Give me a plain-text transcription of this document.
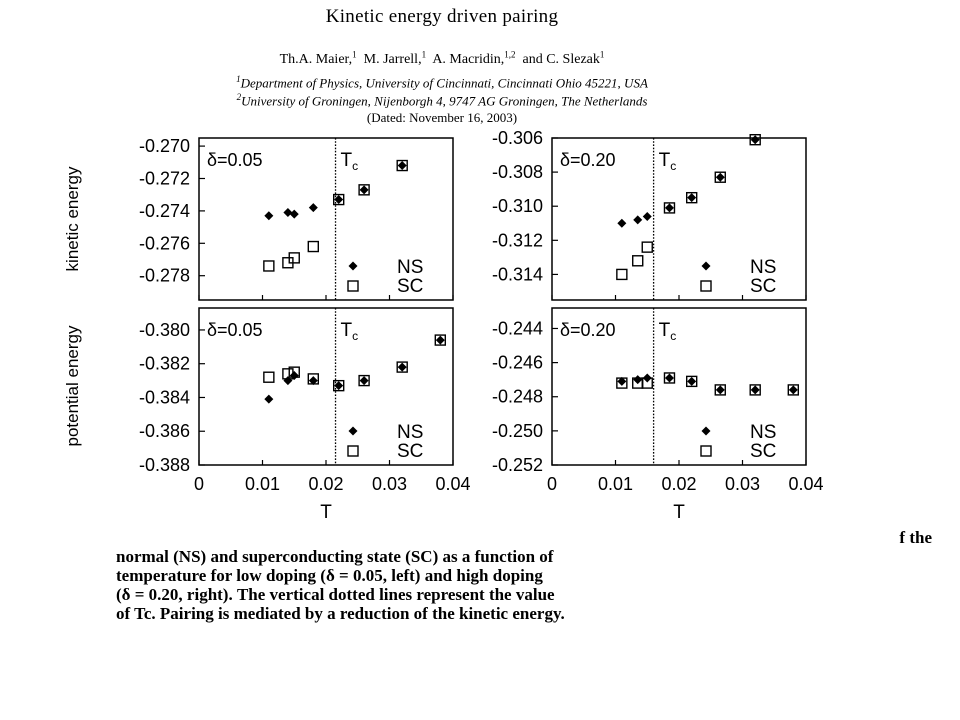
Kinetic energy driven pairing
Th.A. Maier,$^1$ M. Jarrell,$^1$ A. Macridin,$^{1,2}$ and C. Slezak$^1$
$^1$Department of Physics, University of Cincinnati, Cincinnati Ohio 45221, USA
$^2$University of Groningen, Nijenborgh 4, 9747 AG Groningen, The Netherlands
(Dated: November 16, 2003)
-0.270
-0.272
-0.274
-0.276
-0.278
δ=0.05	$T_c$
NS
SC
-0.306
-0.308
-0.310
-0.312
-0.314
δ=0.20 $T_c$
NS
SC
-0.380
-0.382
-0.384
-0.386
-0.388
0 0.01 0.02 0.03 0.04
T
δ=0.05	$T_c$
NS
SC
-0.244
-0.246
-0.248
-0.250
-0.252
0 0.01 0.02 0.03 0.04
T
δ=0.20 $T_c$
NS
SC
kinetic energy
potential energy
f the
normal (NS) and superconducting state (SC) as a function of
temperature for low doping (δ = 0.05, left) and high doping
(δ = 0.20, right). The vertical dotted lines represent the value
of Tc. Pairing is mediated by a reduction of the kinetic energy.
